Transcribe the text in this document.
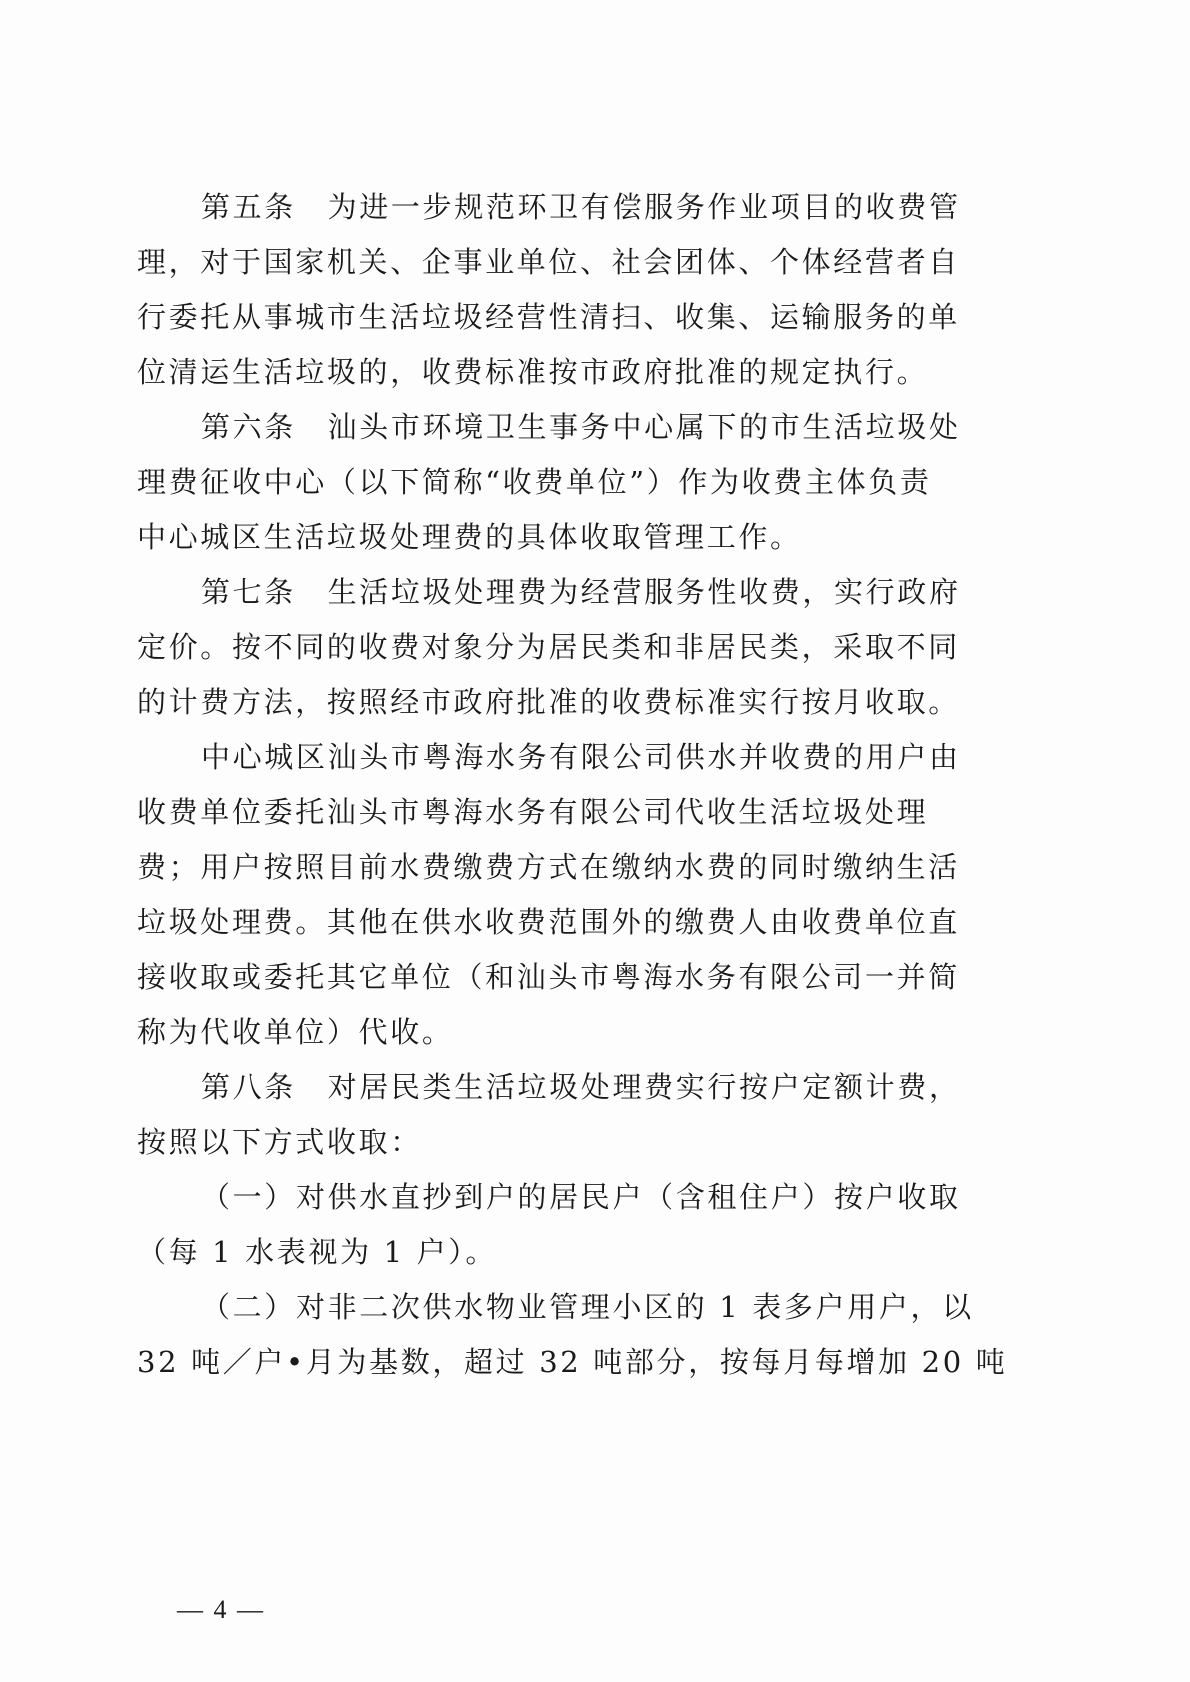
第五条　为进一步规范环卫有偿服务作业项目的收费管
理，对于国家机关、企事业单位、社会团体、个体经营者自
行委托从事城市生活垃圾经营性清扫、收集、运输服务的单
位清运生活垃圾的，收费标准按市政府批准的规定执行。
第六条　汕头市环境卫生事务中心属下的市生活垃圾处
理费征收中心（以下简称“收费单位”）作为收费主体负责
中心城区生活垃圾处理费的具体收取管理工作。
第七条　生活垃圾处理费为经营服务性收费，实行政府
定价。按不同的收费对象分为居民类和非居民类，采取不同
的计费方法，按照经市政府批准的收费标准实行按月收取。
中心城区汕头市粤海水务有限公司供水并收费的用户由
收费单位委托汕头市粤海水务有限公司代收生活垃圾处理
费；用户按照目前水费缴费方式在缴纳水费的同时缴纳生活
垃圾处理费。其他在供水收费范围外的缴费人由收费单位直
接收取或委托其它单位（和汕头市粤海水务有限公司一并简
称为代收单位）代收。
第八条　对居民类生活垃圾处理费实行按户定额计费，
按照以下方式收取：
（一）对供水直抄到户的居民户（含租住户）按户收取
（每 1 水表视为 1 户）。
（二）对非二次供水物业管理小区的 1 表多户用户，以
32 吨／户•月为基数，超过 32 吨部分，按每月每增加 20 吨
— 4 —
